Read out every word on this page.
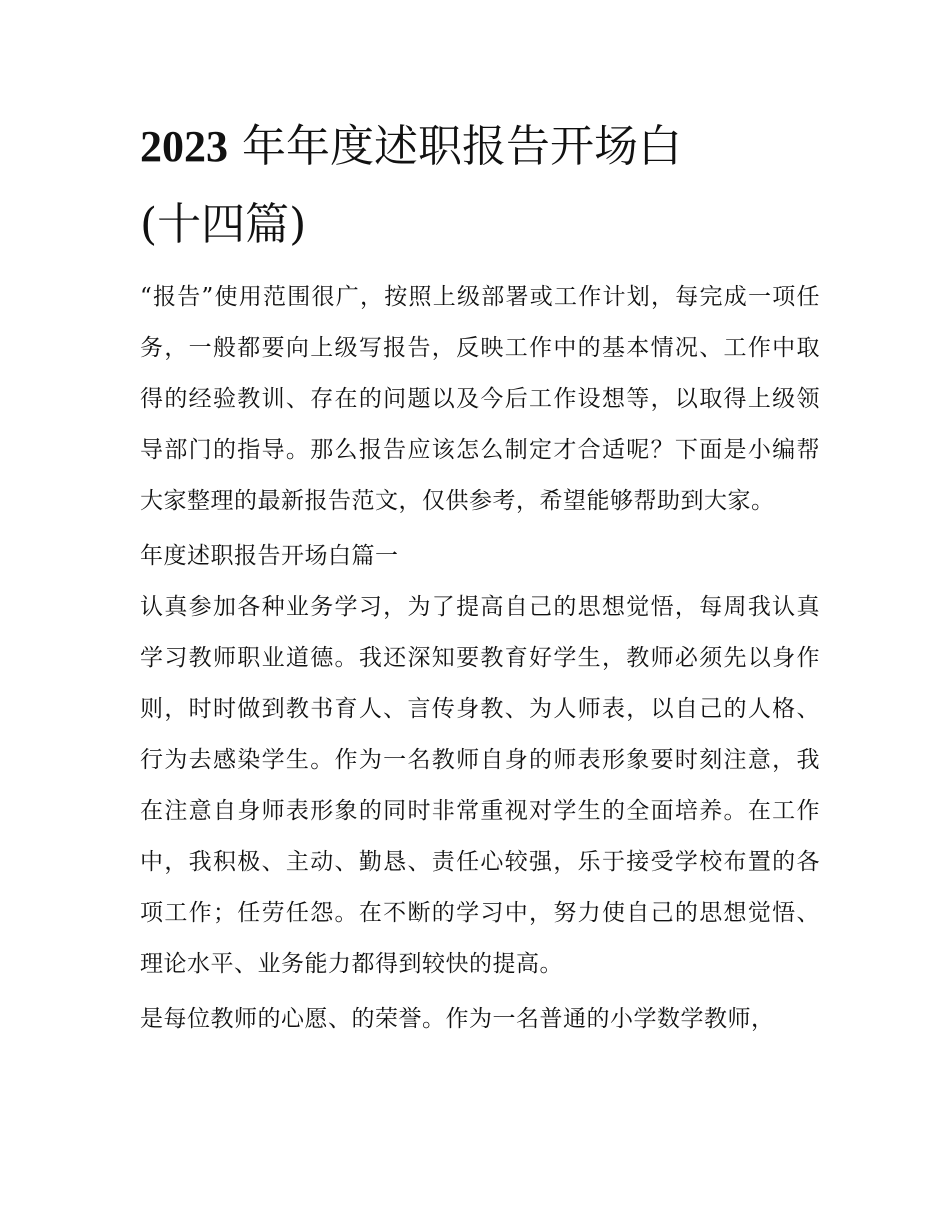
2023 年年度述职报告开场白
(十四篇)

“报告”使用范围很广，按照上级部署或工作计划，每完成一项任务，一般都要向上级写报告，反映工作中的基本情况、工作中取得的经验教训、存在的问题以及今后工作设想等，以取得上级领导部门的指导。那么报告应该怎么制定才合适呢？下面是小编帮大家整理的最新报告范文，仅供参考，希望能够帮助到大家。

年度述职报告开场白篇一

认真参加各种业务学习，为了提高自己的思想觉悟，每周我认真学习教师职业道德。我还深知要教育好学生，教师必须先以身作则，时时做到教书育人、言传身教、为人师表，以自己的人格、行为去感染学生。作为一名教师自身的师表形象要时刻注意，我在注意自身师表形象的同时非常重视对学生的全面培养。在工作中，我积极、主动、勤恳、责任心较强，乐于接受学校布置的各项工作；任劳任怨。在不断的学习中，努力使自己的思想觉悟、理论水平、业务能力都得到较快的提高。

是每位教师的心愿、的荣誉。作为一名普通的小学数学教师，
